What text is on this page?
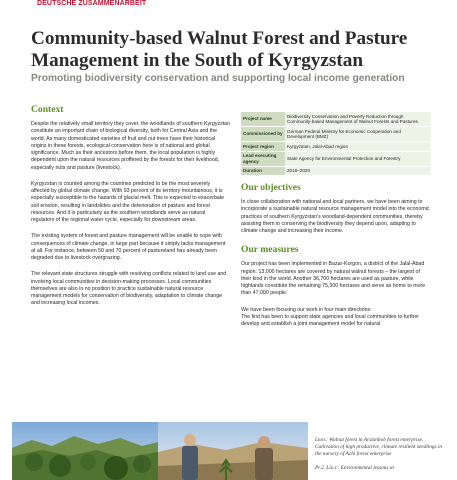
DEUTSCHE ZUSAMMENARBEIT
Community-based Walnut Forest and Pasture Management in the South of Kyrgyzstan
Promoting biodiversity conservation and supporting local income generation
Context

Despite the relatively small territory they cover, the woodlands of southern Kyrgyzstan constitute an important chain of biological diversity, both for Central Asia and the world. As many domesticated varieties of fruit and nut trees have their historical origins in these forests, ecological conservation here is of national and global significance. Much as their ancestors before them, the local population is highly dependent upon the natural resources proffered by the forests for their livelihood, especially nuts and pasture (livestock).

Kyrgyzstan is counted among the countries predicted to be the most severely affected by global climate change. With 93 percent of its territory mountainous, it is especially susceptible to the hazards of glacial melt. This is expected to exacerbate soil erosion, resulting in landslides and the deterioration of pasture and forest resources. And it is particularly as the southern woodlands serve as natural regulators of the regional water cycle, especially for downstream areas.

The existing system of forest and pasture management will be unable to cope with consequences of climate change, in large part because it simply lacks management at all. For instance, between 50 and 70 percent of pastureland has already been degraded due to livestock overgrazing.

The relevant state structures struggle with resolving conflicts related to land use and involving local communities in decision-making processes. Local communities themselves are also in no position to practice sustainable natural resource management models for conservation of biodiversity, adaptation to climate change and increasing local incomes.

Project name	Biodiversity Conservation and Poverty Reduction through Community-based Management of Walnut Forests and Pastures
Commissioned by	German Federal Ministry for Economic Cooperation and Development (BMZ)
Project region	Kyrgyzstan, Jalal-Abad region
Lead executing agency	State Agency for Environmental Protection and Forestry
Duration	2018–2020
Our objectives

In close collaboration with national and local partners, we have been aiming to incorporate a sustainable natural resource management model into the economic practices of southern Kyrgyzstan's woodland-dependent communities, thereby assisting them in conserving the biodiversity they depend upon, adapting to climate change and increasing their income.

Our measures

Our project has been implemented in Bazar-Korgon, a district of the Jalal-Abad region. 13,000 hectares are covered by natural walnut forests – the largest of their kind in the world. Another 36,700 hectares are used as pasture, while highlands constitute the remaining 75,300 hectares and serve as home to more than 47,000 people.

We have been focusing our work in four main directions:

The first has been to support state agencies and local communities to further develop and establish a joint management model for natural

Lion.: Walnut forest in Arslanbob forest enterprise. Cultivation of high productive, climate resilient seedlings in the nursery of Achi forest enterprise
Pr.2. Lio.r.: Environmental lessons at
